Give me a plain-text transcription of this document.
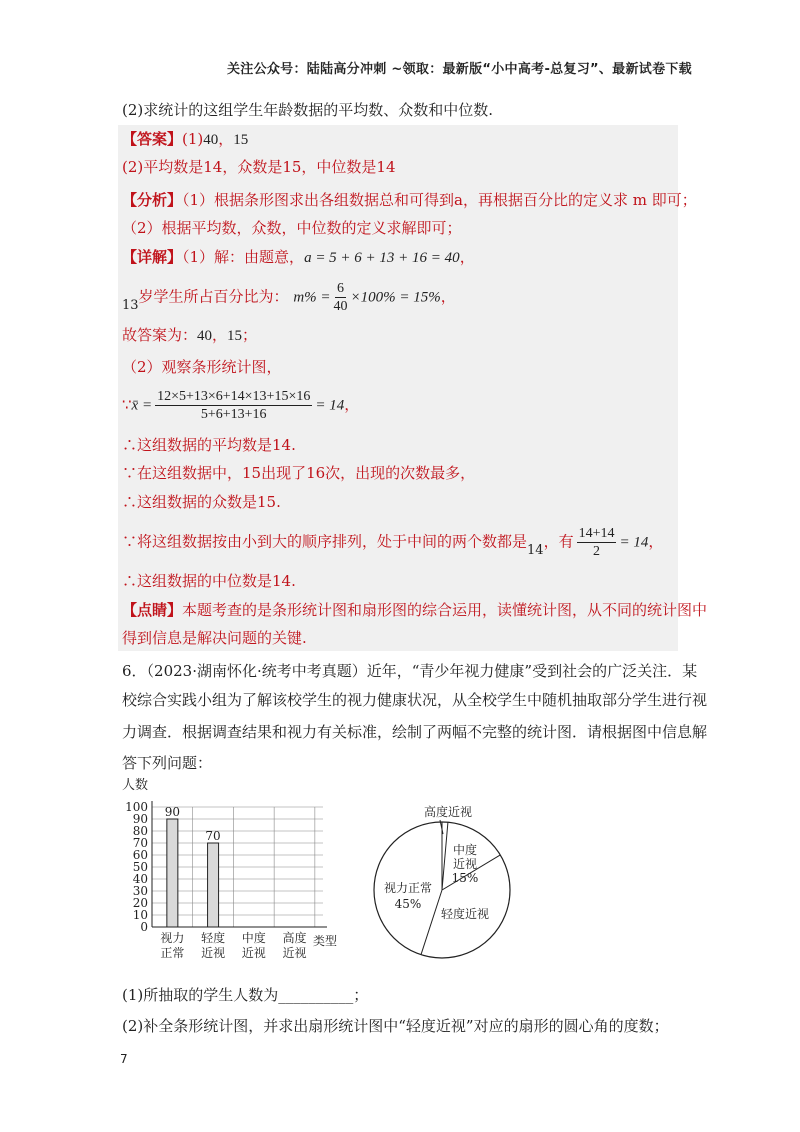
关注公众号：陆陆高分冲刺 ~领取：最新版“小中高考-总复习”、最新试卷下载
(2)求统计的这组学生年龄数据的平均数、众数和中位数.
【答案】(1)40，15
(2)平均数是14，众数是15，中位数是14
【分析】（1）根据条形图求出各组数据总和可得到a，再根据百分比的定义求 m 即可；
（2）根据平均数，众数，中位数的定义求解即可；
【详解】（1）解：由题意，a = 5 + 6 + 13 + 16 = 40，
13岁学生所占百分比为： $m\% = \frac{6}{40} \times 100\% = 15\%$，
故答案为：40，15；
（2）观察条形统计图，
∵x̄ = $\frac{12\times 5+13\times 6+14\times 13+15\times 16}{5+6+13+16} = 14$，
∴这组数据的平均数是14.
∵在这组数据中，15出现了16次，出现的次数最多，
∴这组数据的众数是15.
∵将这组数据按由小到大的顺序排列，处于中间的两个数都是14，有 $\frac{14+14}{2} = 14$，
∴这组数据的中位数是14.
【点睛】本题考查的是条形统计图和扇形图的综合运用，读懂统计图，从不同的统计图中
得到信息是解决问题的关键.
6．（2023·湖南怀化·统考中考真题）近年，“青少年视力健康”受到社会的广泛关注．某
校综合实践小组为了解该校学生的视力健康状况，从全校学生中随机抽取部分学生进行视
力调查．根据调查结果和视力有关标准，绘制了两幅不完整的统计图．请根据图中信息解
答下列问题：
人数
0
10
20
30
40
50
60
70
80
90
100 90
视力
正常
70
轻度
近视
中度
近视
高度
近视
类型
高度近视
中度
近视
15%
轻度近视
视力正常
45%
(1)所抽取的学生人数为__________；
(2)补全条形统计图，并求出扇形统计图中“轻度近视”对应的扇形的圆心角的度数；
7
